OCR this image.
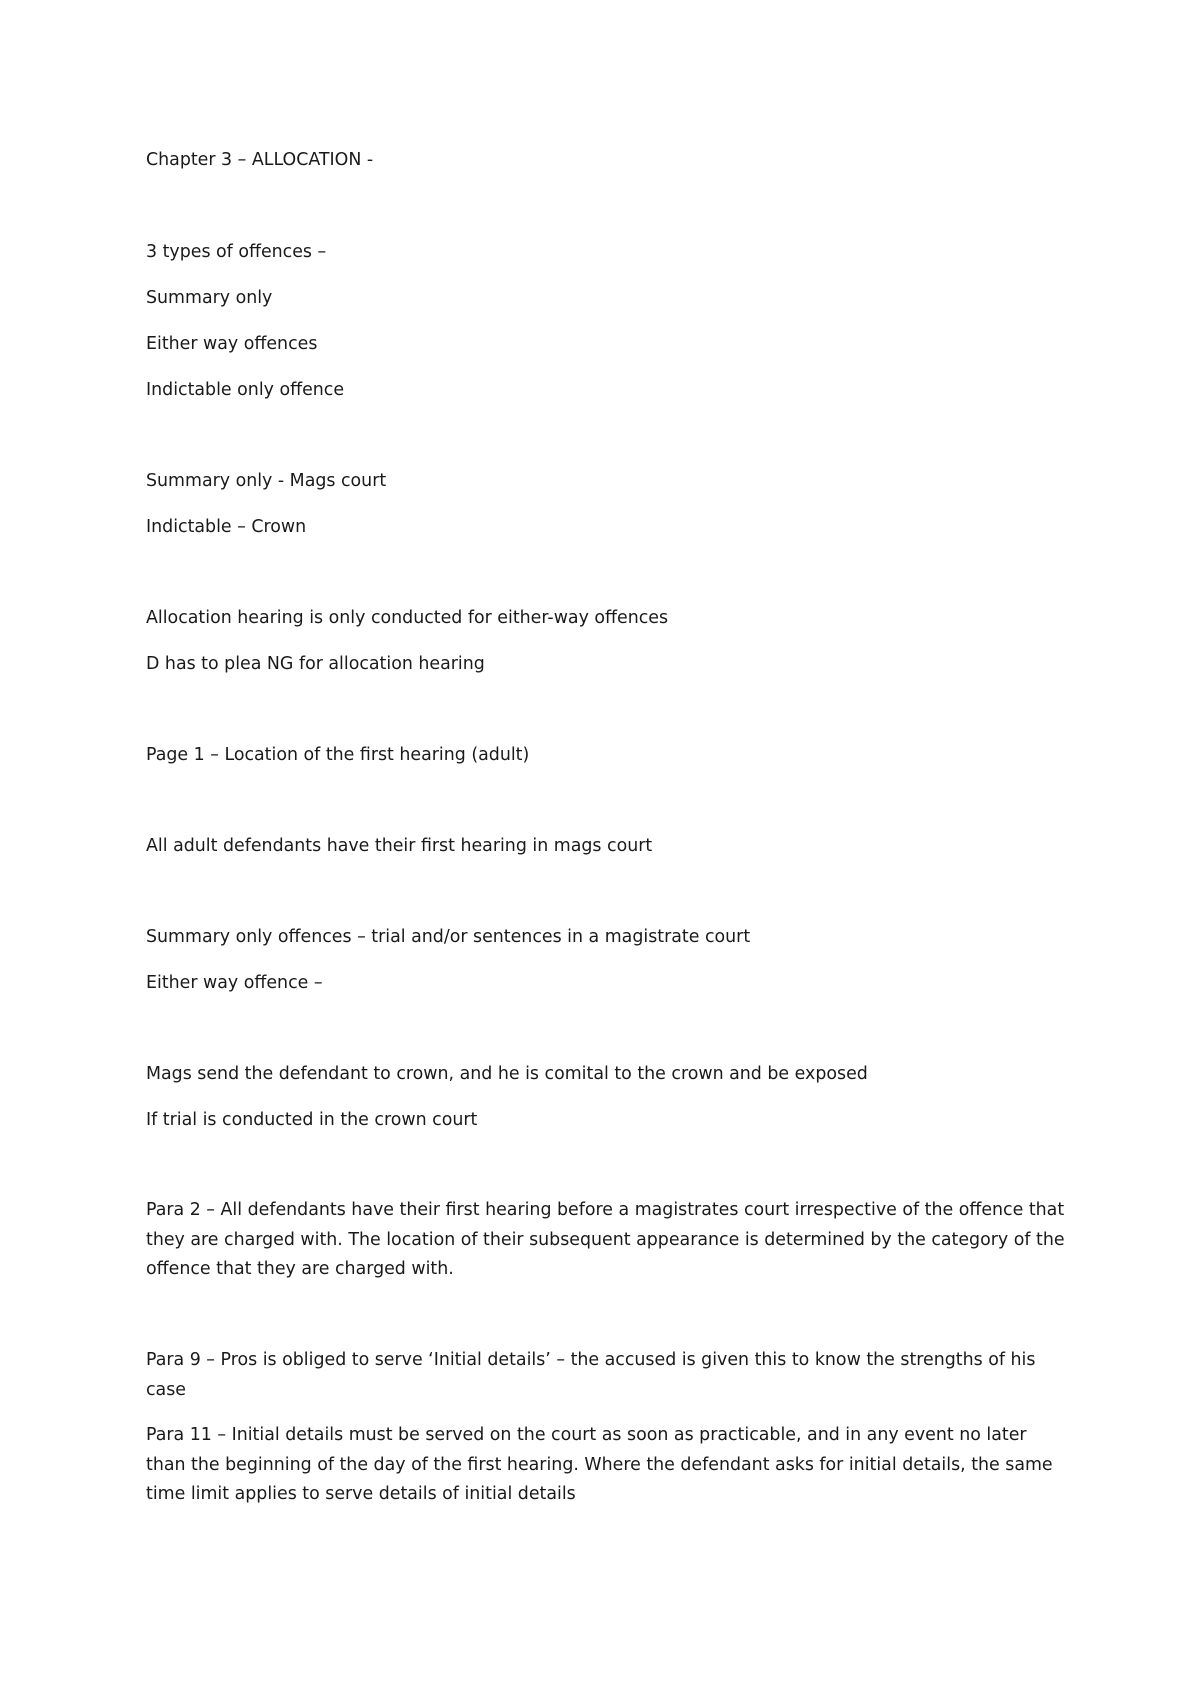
Chapter 3 – ALLOCATION -

3 types of offences –

Summary only

Either way offences

Indictable only offence

Summary only - Mags court

Indictable – Crown

Allocation hearing is only conducted for either-way offences

D has to plea NG for allocation hearing

Page 1 – Location of the first hearing (adult)

All adult defendants have their first hearing in mags court

Summary only offences – trial and/or sentences in a magistrate court

Either way offence –

Mags send the defendant to crown, and he is comital to the crown and be exposed

If trial is conducted in the crown court

Para 2 – All defendants have their first hearing before a magistrates court irrespective of the offence that they are charged with. The location of their subsequent appearance is determined by the category of the offence that they are charged with.

Para 9 – Pros is obliged to serve ‘Initial details’ – the accused is given this to know the strengths of his case

Para 11 – Initial details must be served on the court as soon as practicable, and in any event no later than the beginning of the day of the first hearing. Where the defendant asks for initial details, the same time limit applies to serve details of initial details
